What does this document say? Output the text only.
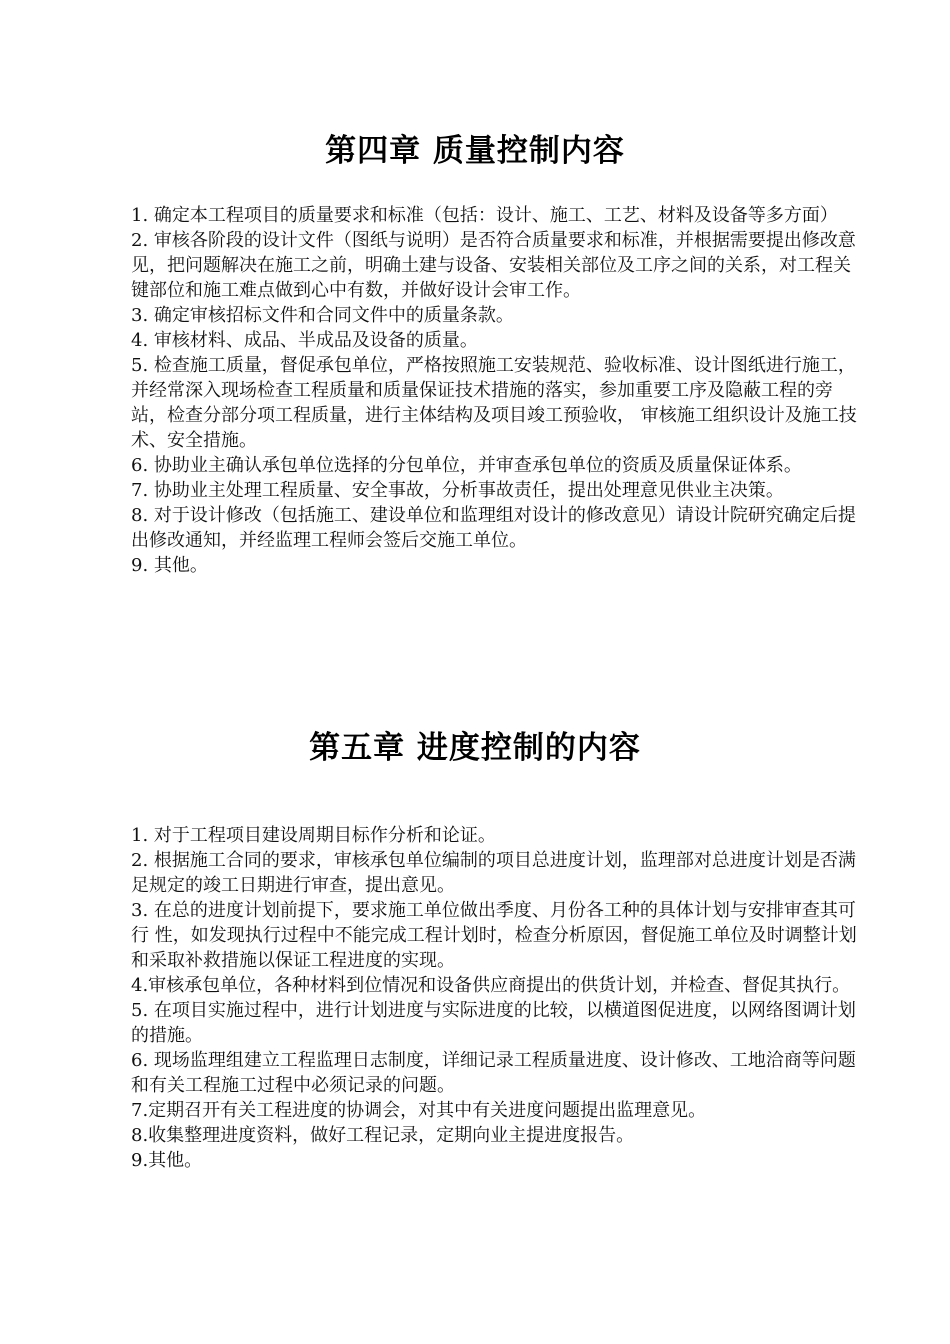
第四章 质量控制内容
1. 确定本工程项目的质量要求和标准（包括：设计、施工、工艺、材料及设备等多方面）
2. 审核各阶段的设计文件（图纸与说明）是否符合质量要求和标准，并根据需要提出修改意见，把问题解决在施工之前，明确土建与设备、安装相关部位及工序之间的关系，对工程关键部位和施工难点做到心中有数，并做好设计会审工作。
3. 确定审核招标文件和合同文件中的质量条款。
4. 审核材料、成品、半成品及设备的质量。
5. 检查施工质量，督促承包单位，严格按照施工安装规范、验收标准、设计图纸进行施工，并经常深入现场检查工程质量和质量保证技术措施的落实，参加重要工序及隐蔽工程的旁站，检查分部分项工程质量，进行主体结构及项目竣工预验收， 审核施工组织设计及施工技术、安全措施。
6. 协助业主确认承包单位选择的分包单位，并审查承包单位的资质及质量保证体系。
7. 协助业主处理工程质量、安全事故，分析事故责任，提出处理意见供业主决策。
8. 对于设计修改（包括施工、建设单位和监理组对设计的修改意见）请设计院研究确定后提出修改通知，并经监理工程师会签后交施工单位。
9. 其他。
第五章 进度控制的内容
1. 对于工程项目建设周期目标作分析和论证。
2. 根据施工合同的要求，审核承包单位编制的项目总进度计划，监理部对总进度计划是否满足规定的竣工日期进行审查，提出意见。
3. 在总的进度计划前提下，要求施工单位做出季度、月份各工种的具体计划与安排审查其可行 性，如发现执行过程中不能完成工程计划时，检查分析原因，督促施工单位及时调整计划和采取补救措施以保证工程进度的实现。
4.审核承包单位，各种材料到位情况和设备供应商提出的供货计划，并检查、督促其执行。
5. 在项目实施过程中，进行计划进度与实际进度的比较，以横道图促进度，以网络图调计划的措施。
6. 现场监理组建立工程监理日志制度，详细记录工程质量进度、设计修改、工地洽商等问题和有关工程施工过程中必须记录的问题。
7.定期召开有关工程进度的协调会，对其中有关进度问题提出监理意见。
8.收集整理进度资料，做好工程记录，定期向业主提进度报告。
9.其他。
